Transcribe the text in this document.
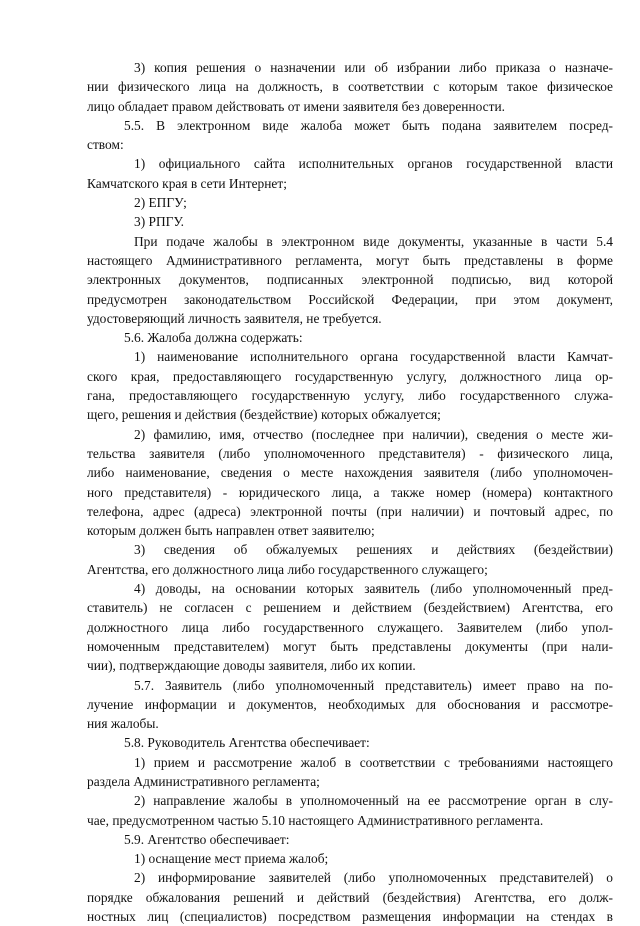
3) копия решения о назначении или об избрании либо приказа о назначе-
нии физического лица на должность, в соответствии с которым такое физическое
лицо обладает правом действовать от имени заявителя без доверенности.
5.5. В электронном виде жалоба может быть подана заявителем посред-
ством:
1) официального сайта исполнительных органов государственной власти
Камчатского края в сети Интернет;
2) ЕПГУ;
3) РПГУ.
При подаче жалобы в электронном виде документы, указанные в части 5.4
настоящего Административного регламента, могут быть представлены в форме
электронных документов, подписанных электронной подписью, вид которой
предусмотрен законодательством Российской Федерации, при этом документ,
удостоверяющий личность заявителя, не требуется.
5.6. Жалоба должна содержать:
1) наименование исполнительного органа государственной власти Камчат-
ского края, предоставляющего государственную услугу, должностного лица ор-
гана, предоставляющего государственную услугу, либо государственного служа-
щего, решения и действия (бездействие) которых обжалуется;
2) фамилию, имя, отчество (последнее при наличии), сведения о месте жи-
тельства заявителя (либо уполномоченного представителя) - физического лица,
либо наименование, сведения о месте нахождения заявителя (либо уполномочен-
ного представителя) - юридического лица, а также номер (номера) контактного
телефона, адрес (адреса) электронной почты (при наличии) и почтовый адрес, по
которым должен быть направлен ответ заявителю;
3) сведения об обжалуемых решениях и действиях (бездействии)
Агентства, его должностного лица либо государственного служащего;
4) доводы, на основании которых заявитель (либо уполномоченный пред-
ставитель) не согласен с решением и действием (бездействием) Агентства, его
должностного лица либо государственного служащего. Заявителем (либо упол-
номоченным представителем) могут быть представлены документы (при нали-
чии), подтверждающие доводы заявителя, либо их копии.
5.7. Заявитель (либо уполномоченный представитель) имеет право на по-
лучение информации и документов, необходимых для обоснования и рассмотре-
ния жалобы.
5.8. Руководитель Агентства обеспечивает:
1) прием и рассмотрение жалоб в соответствии с требованиями настоящего
раздела Административного регламента;
2) направление жалобы в уполномоченный на ее рассмотрение орган в слу-
чае, предусмотренном частью 5.10 настоящего Административного регламента.
5.9. Агентство обеспечивает:
1) оснащение мест приема жалоб;
2) информирование заявителей (либо уполномоченных представителей) о
порядке обжалования решений и действий (бездействия) Агентства, его долж-
ностных лиц (специалистов) посредством размещения информации на стендах в
